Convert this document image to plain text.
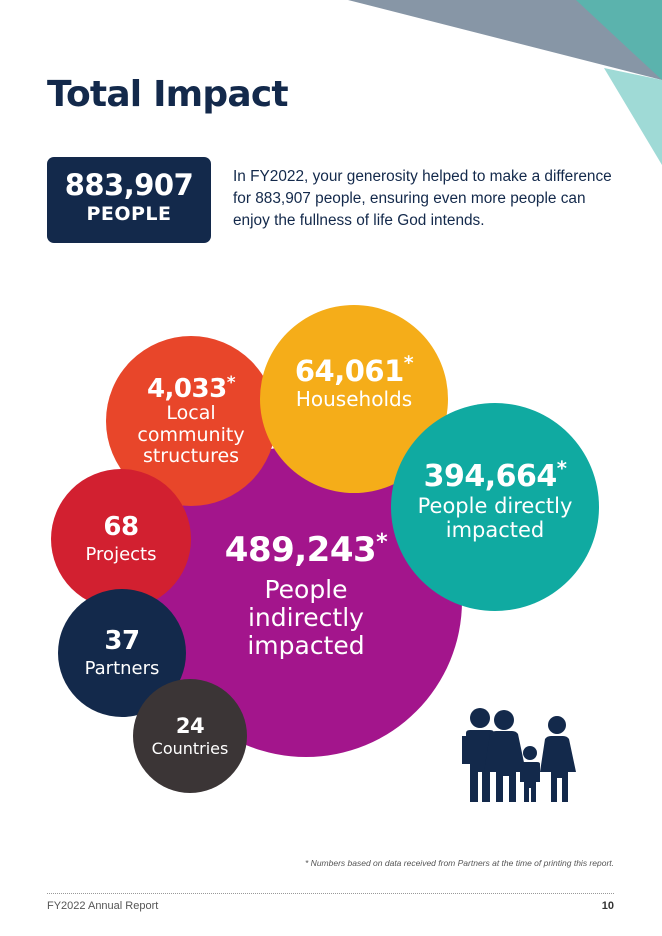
Total Impact
883,907
PEOPLE

In FY2022, your generosity helped to make a difference for 883,907 people, ensuring even more people can enjoy the fullness of life God intends.

489,243*
People indirectly impacted
4,033*
Local community structures
64,061*
Households
394,664*
People directly impacted
68
Projects
37
Partners
24
Countries
* Numbers based on data received from Partners at the time of printing this report.
FY2022 Annual Report	10
